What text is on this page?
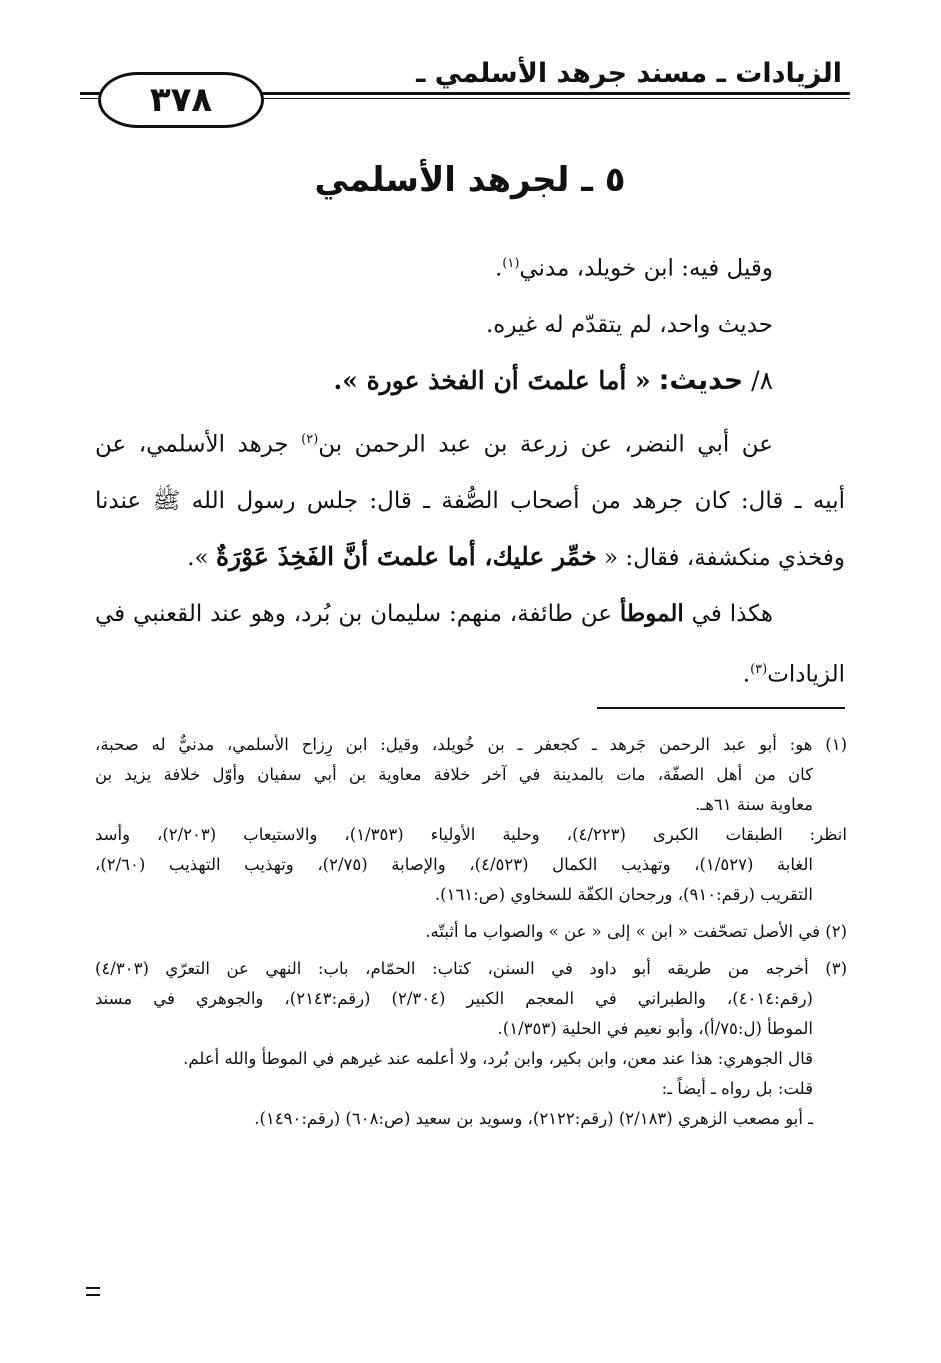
الزيادات ـ مسند جرهد الأسلمي ـ
٣٧٨
٥ ـ لجرهد الأسلمي
وقيل فيه: ابن خويلد، مدني$^{(١)}$.
حديث واحد، لم يتقدّم له غيره.
٨/ حديث: « أما علمتَ أن الفخذ عورة ».
عن أبي النضر، عن زرعة بن عبد الرحمن بن$^{(٢)}$ جرهد الأسلمي، عن
أبيه ـ قال: كان جرهد من أصحاب الصُّفة ـ قال: جلس رسول الله ﷺ عندنا
وفخذي منكشفة، فقال: « خمِّر عليك، أما علمتَ أنَّ الفَخِذَ عَوْرَةٌ ».
هكذا في الموطأ عن طائفة، منهم: سليمان بن بُرد، وهو عند القعنبي في
الزيادات$^{(٣)}$.
(١) هو: أبو عبد الرحمن جَرهد ـ كجعفر ـ بن خُويلد، وقيل: ابن رِزاح الأسلمي، مدنيٌّ له صحبة،
كان من أهل الصفّة، مات بالمدينة في آخر خلافة معاوية بن أبي سفيان وأوّل خلافة يزيد بن
معاوية سنة ٦١هـ.
انظر: الطبقات الكبرى (٤/٢٢٣)، وحلية الأولياء (١/٣٥٣)، والاستيعاب (٢/٢٠٣)، وأسد
الغابة (١/٥٢٧)، وتهذيب الكمال (٤/٥٢٣)، والإصابة (٢/٧٥)، وتهذيب التهذيب (٢/٦٠)،
التقريب (رقم:٩١٠)، ورجحان الكفّة للسخاوي (ص:١٦١).
(٢) في الأصل تصحّفت « ابن » إلى « عن » والصواب ما أثبتّه.
(٣) أخرجه من طريقه أبو داود في السنن، كتاب: الحمّام، باب: النهي عن التعرّي (٤/٣٠٣)
(رقم:٤٠١٤)، والطبراني في المعجم الكبير (٢/٣٠٤) (رقم:٢١٤٣)، والجوهري في مسند
الموطأ (ل:٧٥/أ)، وأبو نعيم في الحلية (١/٣٥٣).
قال الجوهري: هذا عند معن، وابن بكير، وابن بُرد، ولا أعلمه عند غيرهم في الموطأ والله أعلم.
قلت: بل رواه ـ أيضاً ـ:
ـ أبو مصعب الزهري (٢/١٨٣) (رقم:٢١٢٢)، وسويد بن سعيد (ص:٦٠٨) (رقم:١٤٩٠).
